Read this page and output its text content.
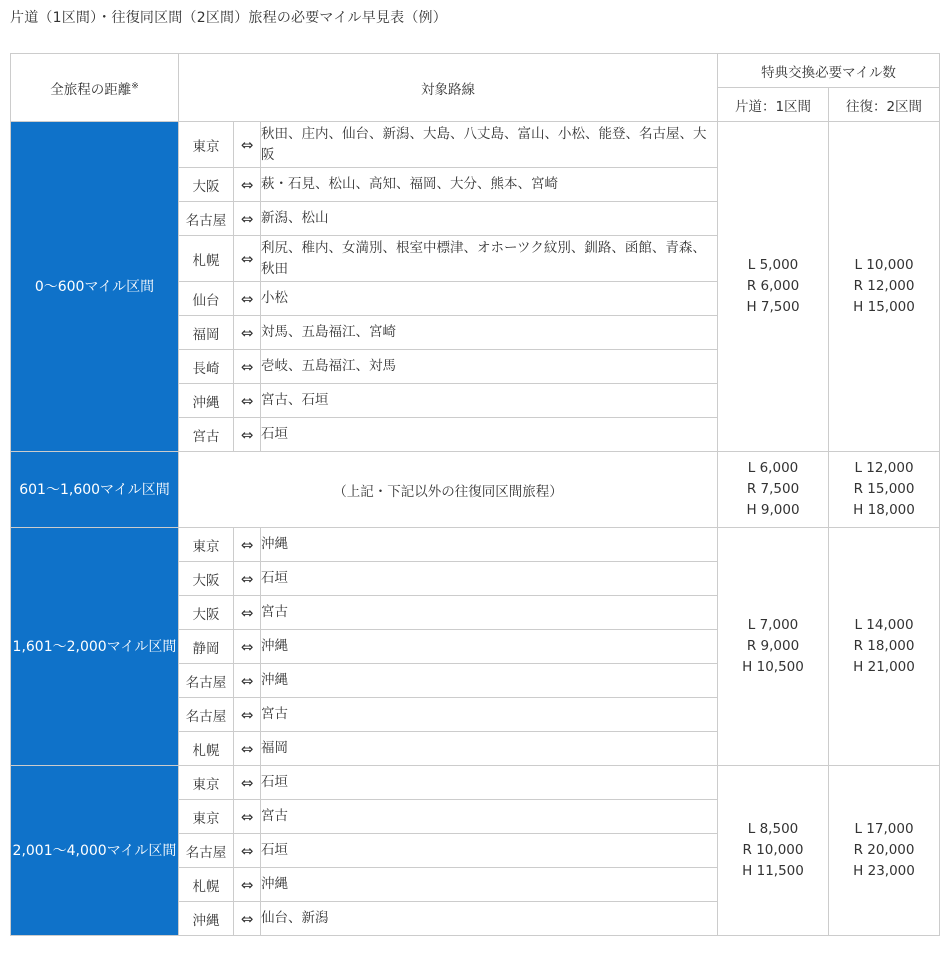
片道（1区間）・往復同区間（2区間）旅程の必要マイル早見表（例）
全旅程の距離※	対象路線			特典交換必要マイル数	
				片道：1区間	往復：2区間
0〜600マイル区間	東京	⇔	秋田、庄内、仙台、新潟、大島、八丈島、富山、小松、能登、名古屋、大阪	L 5,000
R 6,000
H 7,500	L 10,000
R 12,000
H 15,000

	大阪	⇔	萩・石見、松山、高知、福岡、大分、熊本、宮崎		
	名古屋	⇔	新潟、松山		
	札幌	⇔	利尻、稚内、女満別、根室中標津、オホーツク紋別、釧路、函館、青森、秋田		
	仙台	⇔	小松		
	福岡	⇔	対馬、五島福江、宮崎		
	長崎	⇔	壱岐、五島福江、対馬		
	沖縄	⇔	宮古、石垣		
	宮古	⇔	石垣		
601〜1,600マイル区間	（上記・下記以外の往復同区間旅程）			L 6,000
R 7,500
H 9,000	L 12,000
R 15,000
H 18,000

1,601〜2,000マイル区間	東京	⇔	沖縄	L 7,000
R 9,000
H 10,500	L 14,000
R 18,000
H 21,000

	大阪	⇔	石垣		
	大阪	⇔	宮古		
	静岡	⇔	沖縄		
	名古屋	⇔	沖縄		
	名古屋	⇔	宮古		
	札幌	⇔	福岡		
2,001〜4,000マイル区間	東京	⇔	石垣	L 8,500
R 10,000
H 11,500	L 17,000
R 20,000
H 23,000

	東京	⇔	宮古		
	名古屋	⇔	石垣		
	札幌	⇔	沖縄		
	沖縄	⇔	仙台、新潟		
